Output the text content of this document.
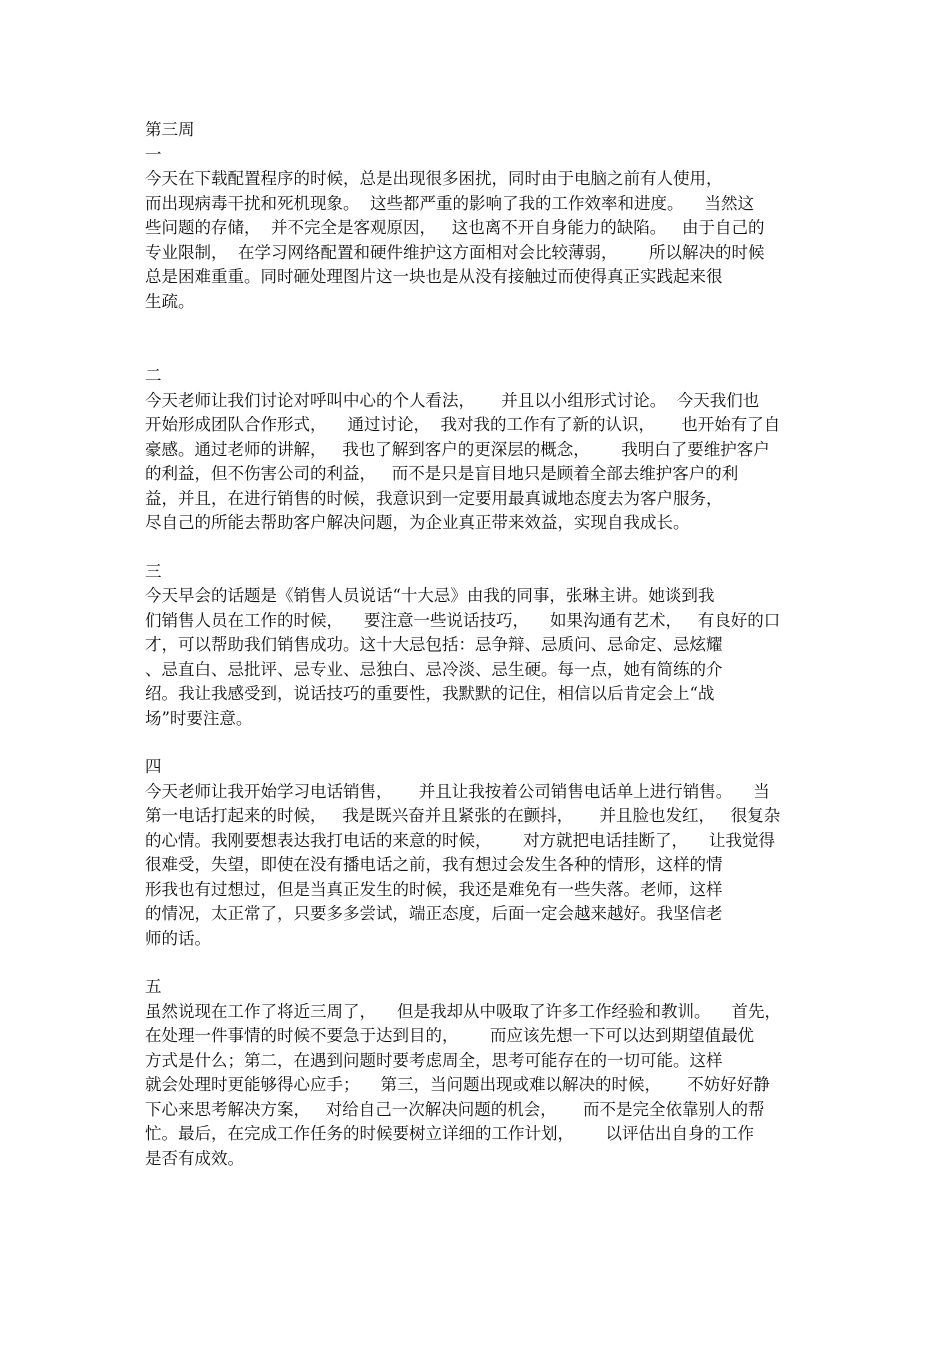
第三周
一
今天在下载配置程序的时候，总是出现很多困扰，同时由于电脑之前有人使用，
而出现病毒干扰和死机现象。  这些都严重的影响了我的工作效率和进度。    当然这
些问题的存储，  并不完全是客观原因，   这也离不开自身能力的缺陷。   由于自己的
专业限制，  在学习网络配置和硬件维护这方面相对会比较薄弱，      所以解决的时候
总是困难重重。同时砸处理图片这一块也是从没有接触过而使得真正实践起来很
生疏。
二
今天老师让我们讨论对呼叫中心的个人看法，     并且以小组形式讨论。  今天我们也
开始形成团队合作形式，    通过讨论，  我对我的工作有了新的认识，     也开始有了自
豪感。通过老师的讲解，   我也了解到客户的更深层的概念，      我明白了要维护客户
的利益，但不伤害公司的利益，   而不是只是盲目地只是顾着全部去维护客户的利
益，并且，在进行销售的时候，我意识到一定要用最真诚地态度去为客户服务，
尽自己的所能去帮助客户解决问题，为企业真正带来效益，实现自我成长。
三
今天早会的话题是《销售人员说话“十大忌》由我的同事，张琳主讲。她谈到我
们销售人员在工作的时候，    要注意一些说话技巧，    如果沟通有艺术，   有良好的口
才，可以帮助我们销售成功。这十大忌包括：忌争辩、忌质问、忌命定、忌炫耀
、忌直白、忌批评、忌专业、忌独白、忌冷淡、忌生硬。每一点，她有简练的介
绍。我让我感受到，说话技巧的重要性，我默默的记住，相信以后肯定会上“战
场”时要注意。
四
今天老师让我开始学习电话销售，     并且让我按着公司销售电话单上进行销售。    当
第一电话打起来的时候，   我是既兴奋并且紧张的在颤抖，     并且脸也发红，   很复杂
的心情。我刚要想表达我打电话的来意的时候，      对方就把电话挂断了，    让我觉得
很难受，失望，即使在没有播电话之前，我有想过会发生各种的情形，这样的情
形我也有过想过，但是当真正发生的时候，我还是难免有一些失落。老师，这样
的情况，太正常了，只要多多尝试，端正态度，后面一定会越来越好。我坚信老
师的话。
五
虽然说现在工作了将近三周了，    但是我却从中吸取了许多工作经验和教训。    首先，
在处理一件事情的时候不要急于达到目的，      而应该先想一下可以达到期望值最优
方式是什么；第二，在遇到问题时要考虑周全，思考可能存在的一切可能。这样
就会处理时更能够得心应手；    第三，当问题出现或难以解决的时候，     不妨好好静
下心来思考解决方案，   对给自己一次解决问题的机会，     而不是完全依靠别人的帮
忙。最后，在完成工作任务的时候要树立详细的工作计划，      以评估出自身的工作
是否有成效。
